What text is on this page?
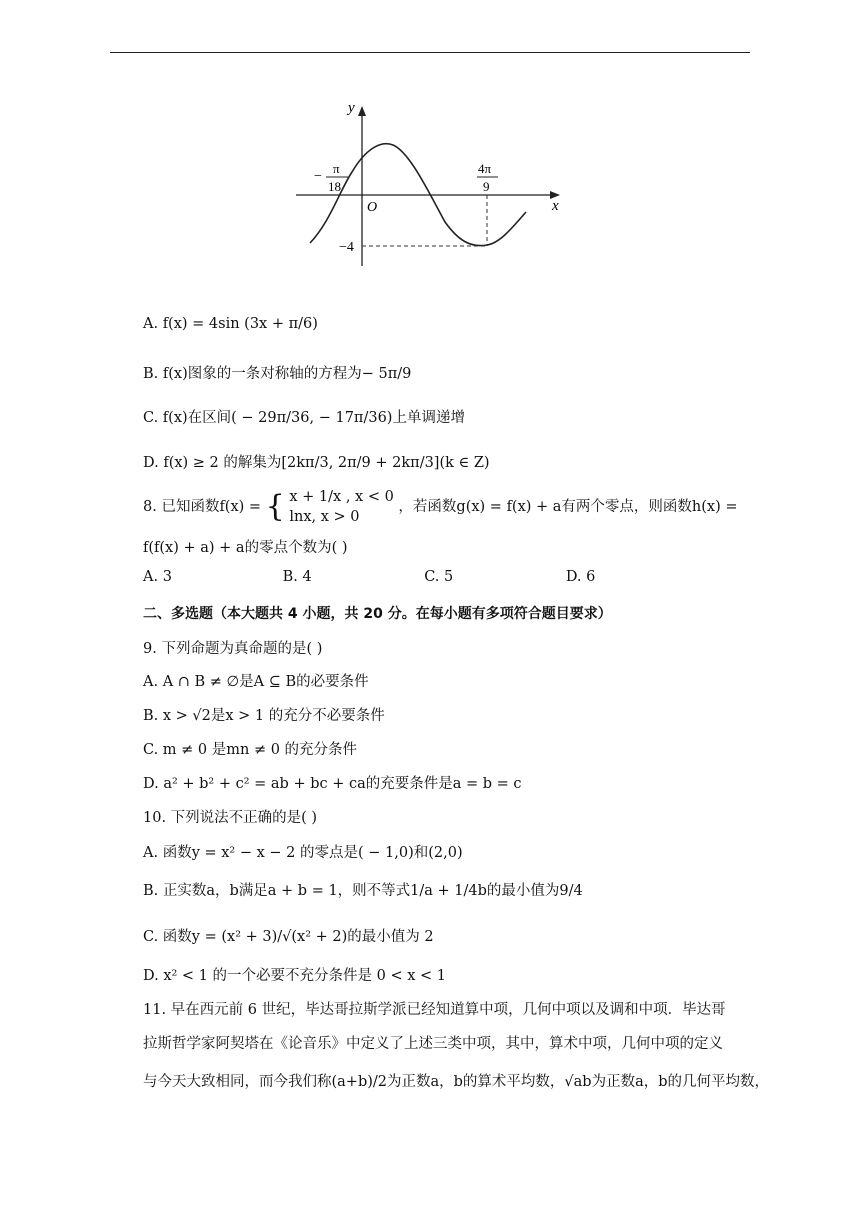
y
x
O
−
π
18
4π
9
−4
A. f(x) = 4sin (3x + π/6)
B. f(x)图象的一条对称轴的方程为− 5π/9
C. f(x)在区间( − 29π/36, − 17π/36)上单调递增
D. f(x) ≥ 2 的解集为[2kπ/3, 2π/9 + 2kπ/3](k ∈ Z)
8. 已知函数f(x) = { x + 1/x , x < 0
lnx, x > 0
，若函数g(x) = f(x) + a有两个零点，则函数h(x) =
f(f(x) + a) + a的零点个数为( )
A. 3	B. 4	C. 5	D. 6
二、多选题（本大题共 4 小题，共 20 分。在每小题有多项符合题目要求）
9. 下列命题为真命题的是( )
A. A ∩ B ≠ ∅是A ⊆ B的必要条件
B. x > √2是x > 1 的充分不必要条件
C. m ≠ 0 是mn ≠ 0 的充分条件
D. a² + b² + c² = ab + bc + ca的充要条件是a = b = c
10. 下列说法不正确的是( )
A. 函数y = x² − x − 2 的零点是( − 1,0)和(2,0)
B. 正实数a，b满足a + b = 1，则不等式1/a + 1/4b的最小值为9/4
C. 函数y = (x² + 3)/√(x² + 2)的最小值为 2
D. x² < 1 的一个必要不充分条件是 0 < x < 1
11. 早在西元前 6 世纪，毕达哥拉斯学派已经知道算中项，几何中项以及调和中项．毕达哥
拉斯哲学家阿契塔在《论音乐》中定义了上述三类中项，其中，算术中项，几何中项的定义
与今天大致相同，而今我们称(a+b)/2为正数a，b的算术平均数，√ab为正数a，b的几何平均数，
